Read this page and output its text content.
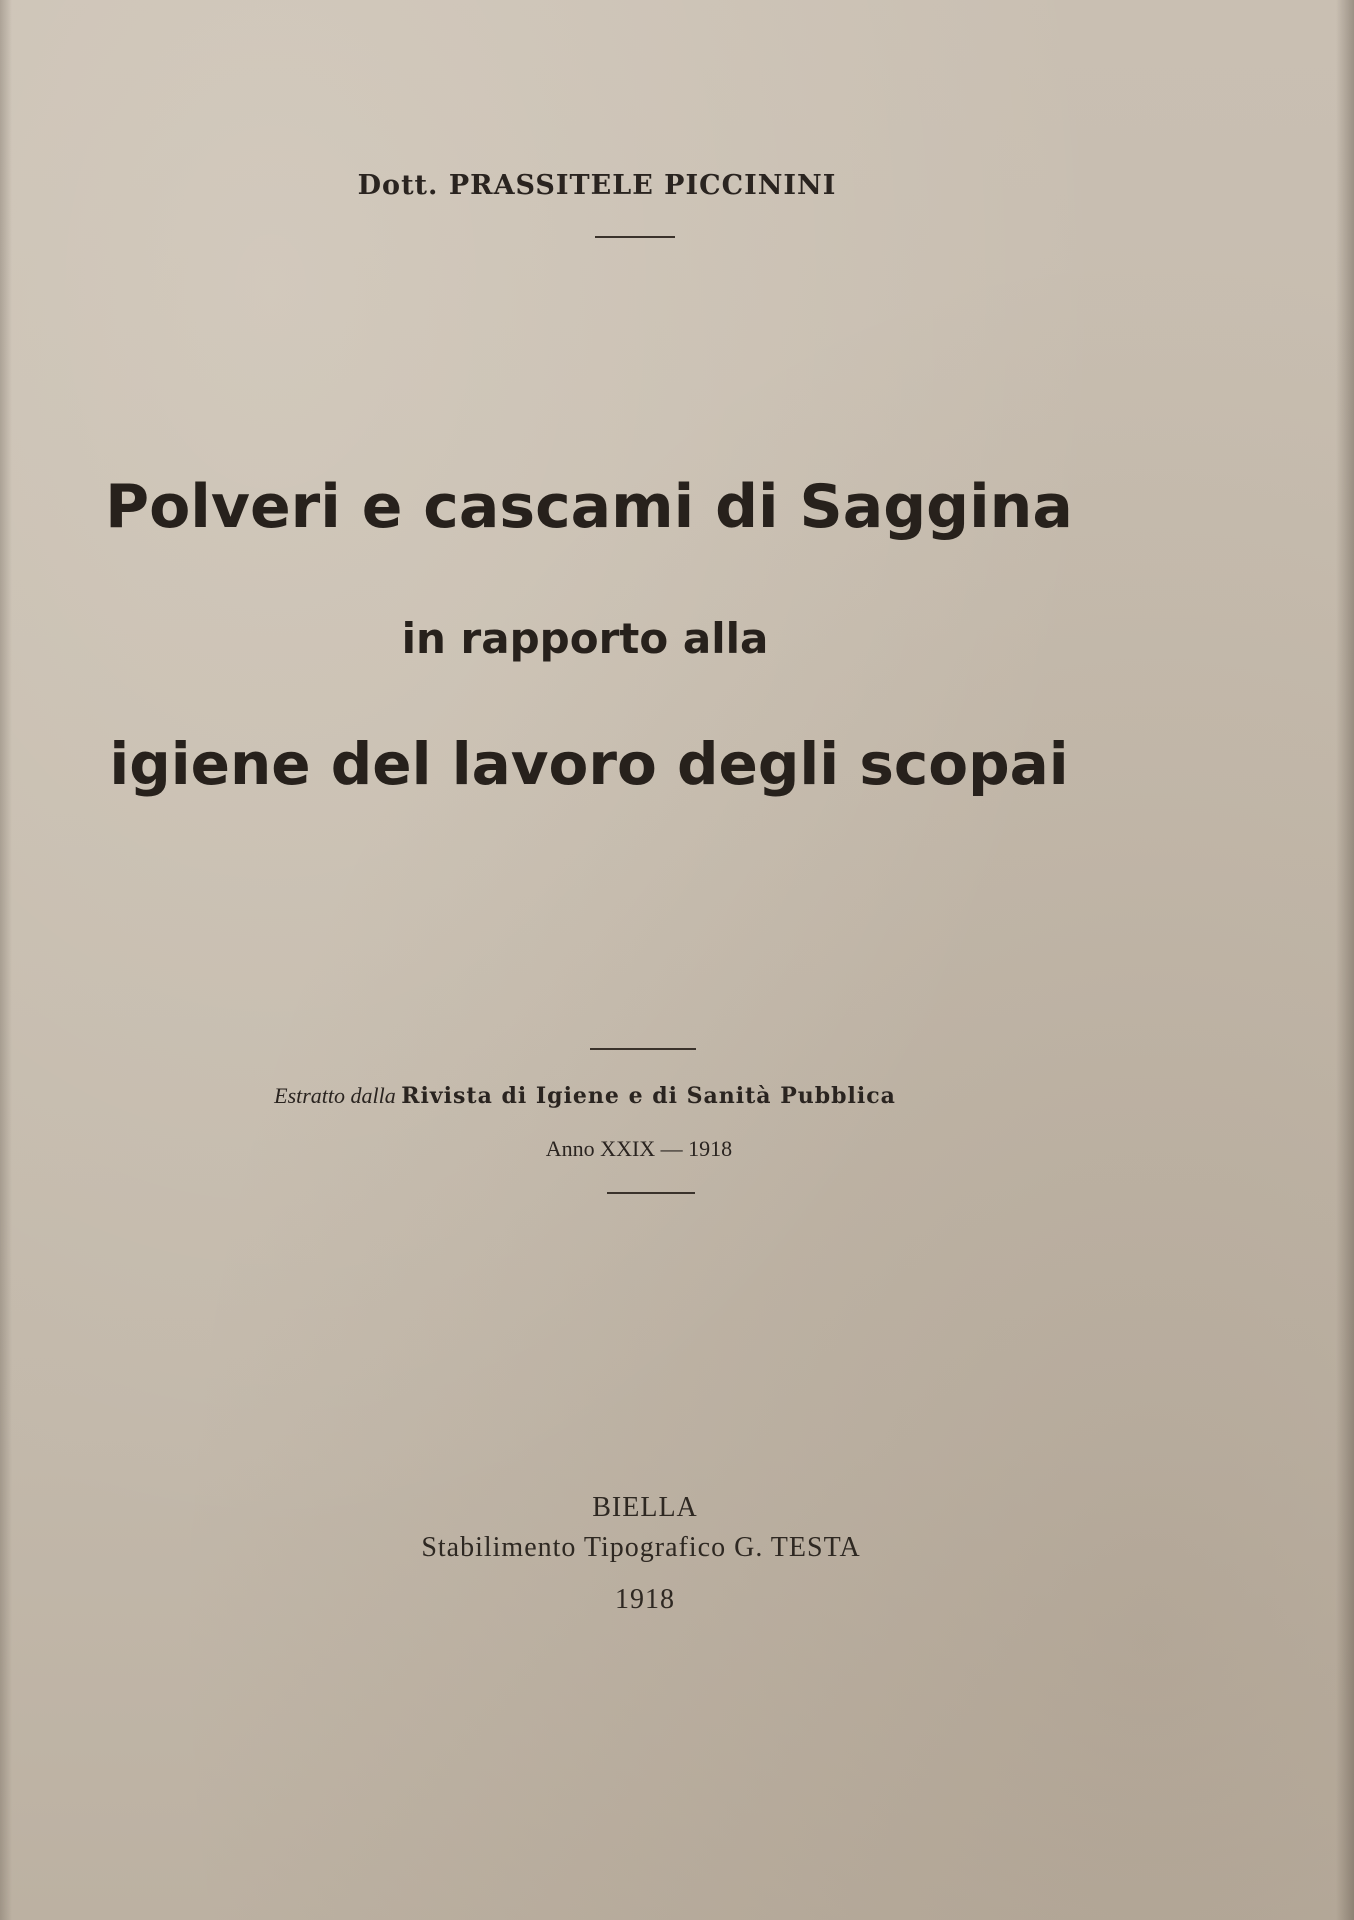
Dott. PRASSITELE PICCININI
Polveri e cascami di Saggina
in rapporto alla
igiene del lavoro degli scopai
Estratto dalla Rivista di Igiene e di Sanità Pubblica
Anno XXIX — 1918
BIELLA
Stabilimento Tipografico G. TESTA
1918
